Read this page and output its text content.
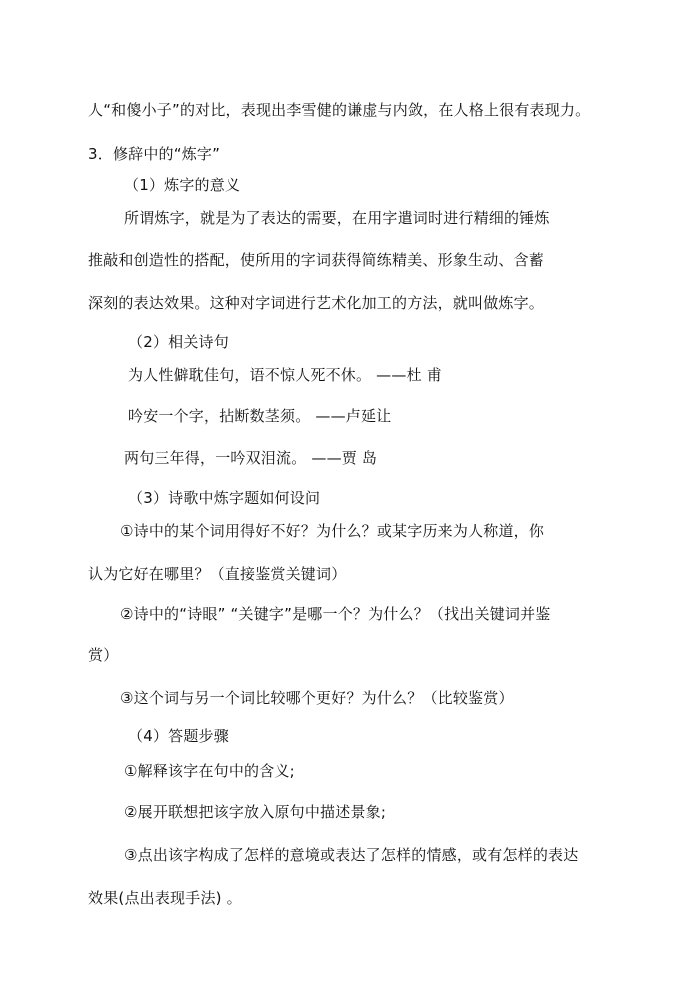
人“和傻小子”的对比，表现出李雪健的谦虚与内敛，在人格上很有表现力。
3．修辞中的“炼字”
（1）炼字的意义
所谓炼字，就是为了表达的需要，在用字遣词时进行精细的锤炼
推敲和创造性的搭配，使所用的字词获得简练精美、形象生动、含蓄
深刻的表达效果。这种对字词进行艺术化加工的方法，就叫做炼字。
（2）相关诗句
为人性僻耽佳句，语不惊人死不休。 ——杜 甫
吟安一个字，拈断数茎须。 ——卢延让
两句三年得，一吟双泪流。 ——贾 岛
（3）诗歌中炼字题如何设问
①诗中的某个词用得好不好？为什么？或某字历来为人称道，你
认为它好在哪里？（直接鉴赏关键词）
②诗中的“诗眼” “关键字”是哪一个？为什么？（找出关键词并鉴
赏）
③这个词与另一个词比较哪个更好？为什么？（比较鉴赏）
（4）答题步骤
①解释该字在句中的含义;
②展开联想把该字放入原句中描述景象;
③点出该字构成了怎样的意境或表达了怎样的情感，或有怎样的表达
效果(点出表现手法) 。
